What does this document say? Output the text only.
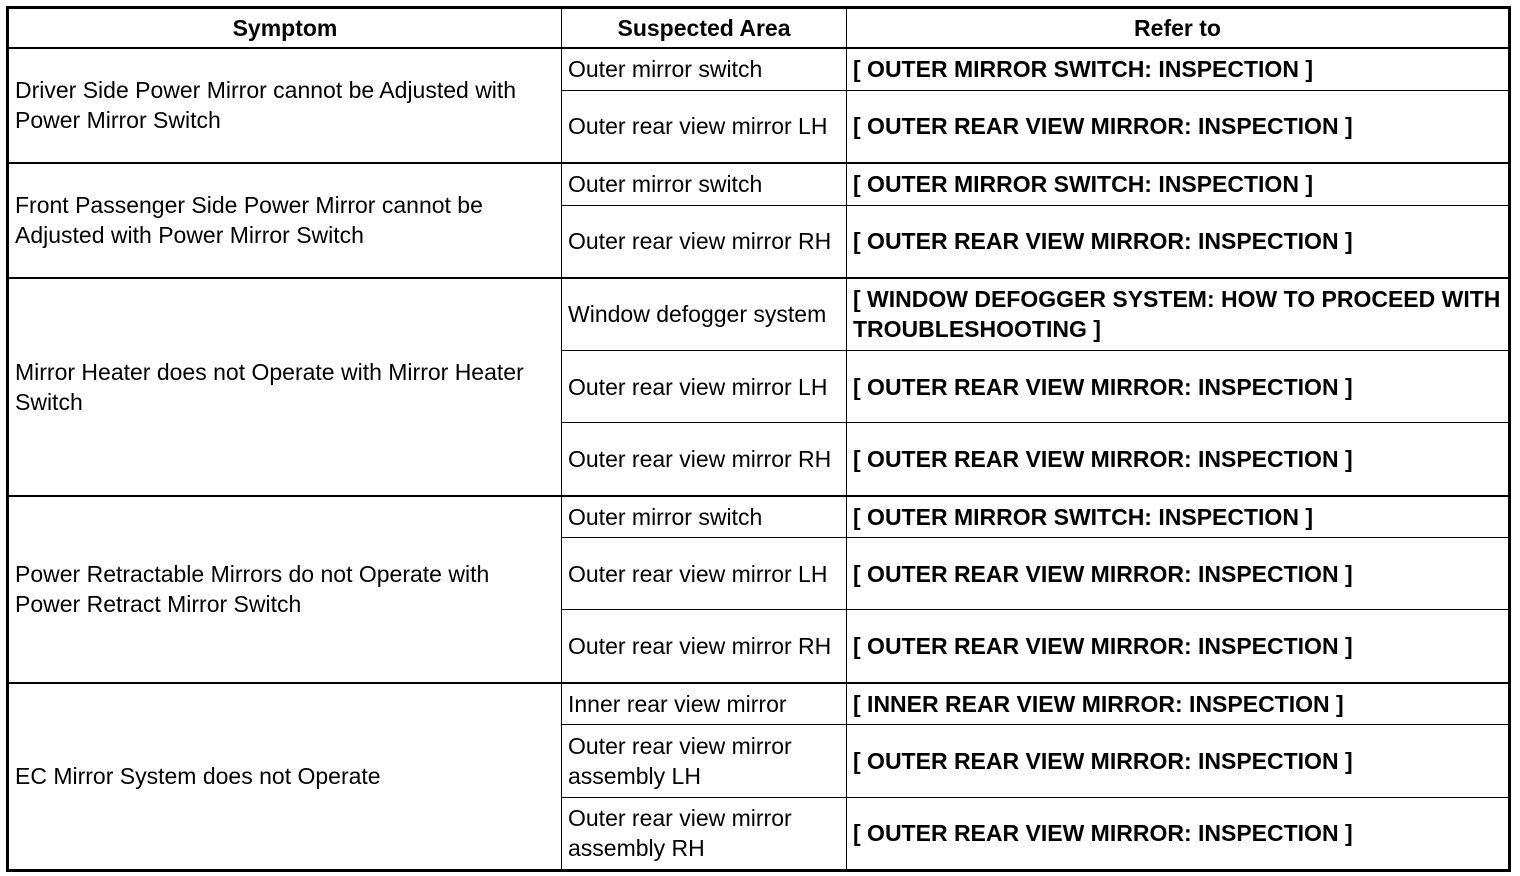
Symptom	Suspected Area	Refer to
Driver Side Power Mirror cannot be Adjusted with Power Mirror Switch	Outer mirror switch	[ OUTER MIRROR SWITCH: INSPECTION ]
	Outer rear view mirror LH	[ OUTER REAR VIEW MIRROR: INSPECTION ]
Front Passenger Side Power Mirror cannot be Adjusted with Power Mirror Switch	Outer mirror switch	[ OUTER MIRROR SWITCH: INSPECTION ]
	Outer rear view mirror RH	[ OUTER REAR VIEW MIRROR: INSPECTION ]
Mirror Heater does not Operate with Mirror Heater Switch	Window defogger system	[ WINDOW DEFOGGER SYSTEM: HOW TO PROCEED WITH TROUBLESHOOTING ]
	Outer rear view mirror LH	[ OUTER REAR VIEW MIRROR: INSPECTION ]
	Outer rear view mirror RH	[ OUTER REAR VIEW MIRROR: INSPECTION ]
Power Retractable Mirrors do not Operate with Power Retract Mirror Switch	Outer mirror switch	[ OUTER MIRROR SWITCH: INSPECTION ]
	Outer rear view mirror LH	[ OUTER REAR VIEW MIRROR: INSPECTION ]
	Outer rear view mirror RH	[ OUTER REAR VIEW MIRROR: INSPECTION ]
EC Mirror System does not Operate	Inner rear view mirror	[ INNER REAR VIEW MIRROR: INSPECTION ]
	Outer rear view mirror assembly LH	[ OUTER REAR VIEW MIRROR: INSPECTION ]
	Outer rear view mirror assembly RH	[ OUTER REAR VIEW MIRROR: INSPECTION ]
